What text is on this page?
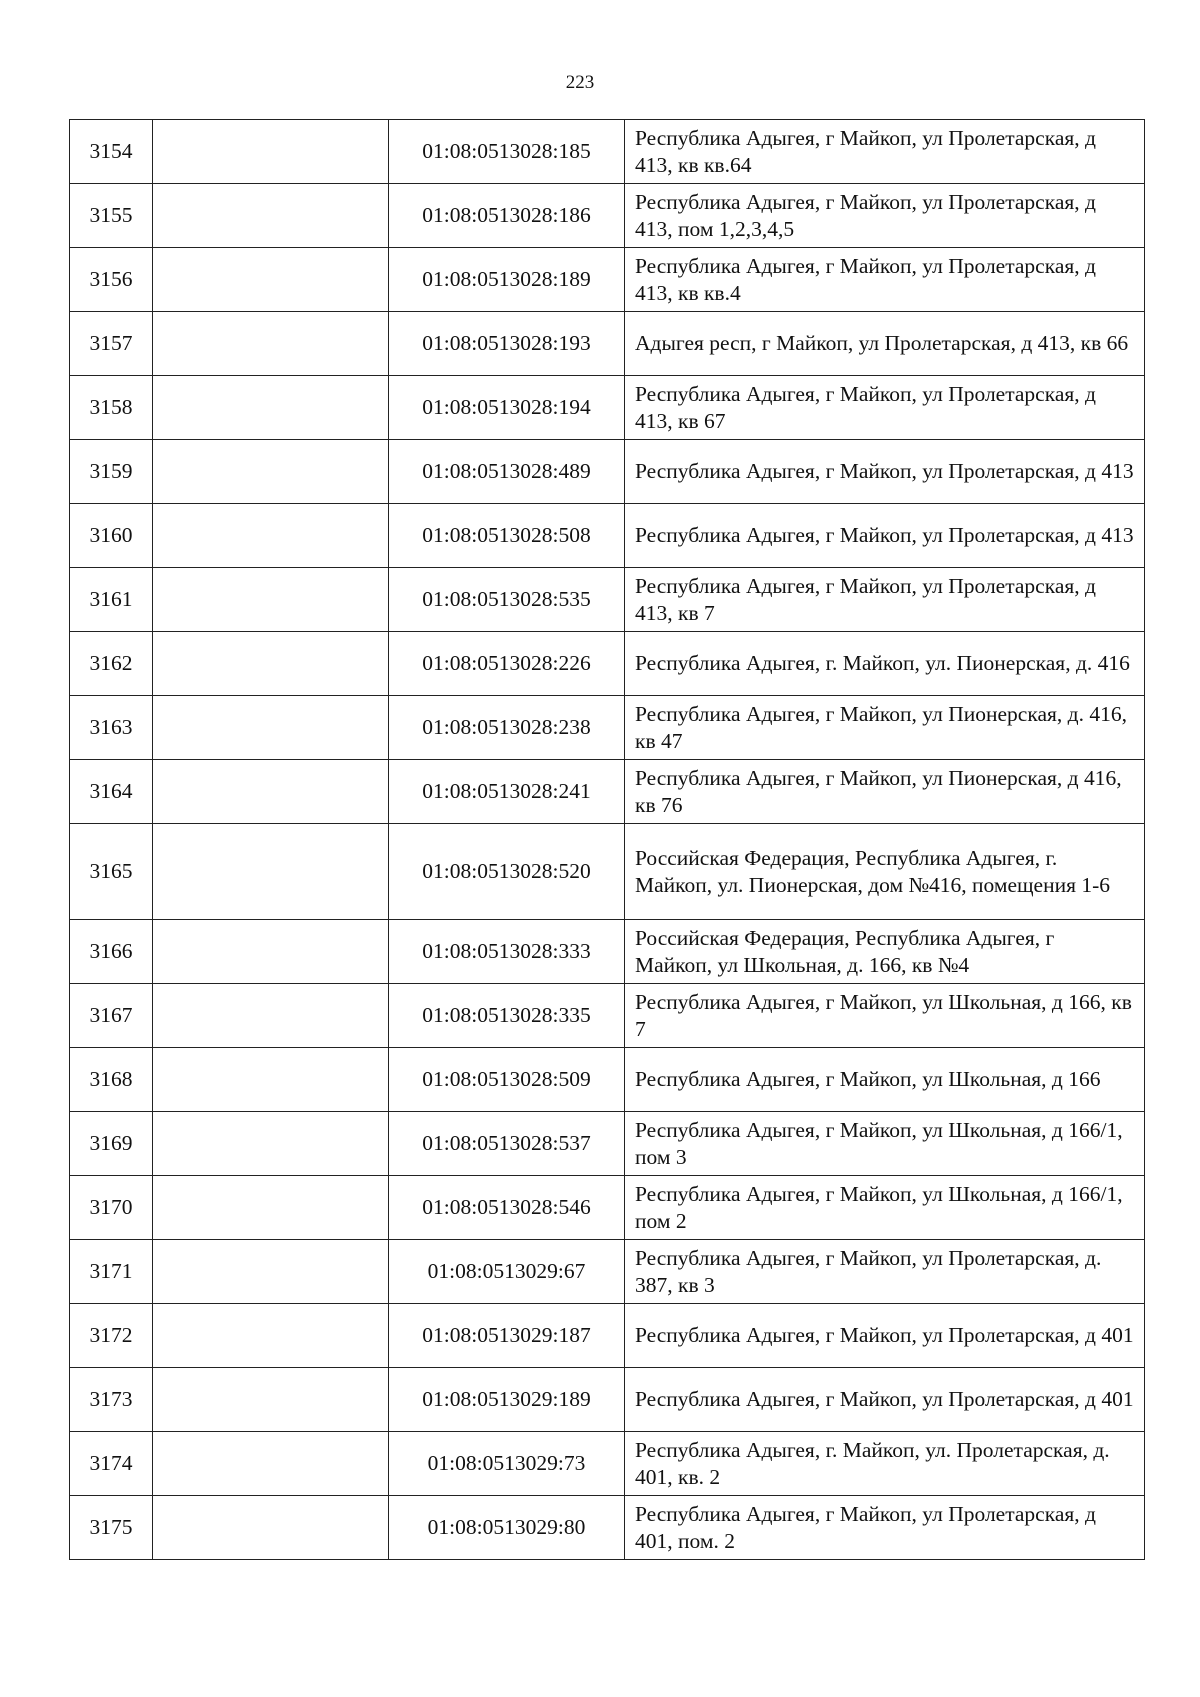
223
3154		01:08:0513028:185	Республика Адыгея, г Майкоп, ул Пролетарская, д 413, кв кв.64
3155		01:08:0513028:186	Республика Адыгея, г Майкоп, ул Пролетарская, д 413, пом 1,2,3,4,5
3156		01:08:0513028:189	Республика Адыгея, г Майкоп, ул Пролетарская, д 413, кв кв.4
3157		01:08:0513028:193	Адыгея респ, г Майкоп, ул Пролетарская, д 413, кв 66
3158		01:08:0513028:194	Республика Адыгея, г Майкоп, ул Пролетарская, д 413, кв 67
3159		01:08:0513028:489	Республика Адыгея, г Майкоп, ул Пролетарская, д 413
3160		01:08:0513028:508	Республика Адыгея, г Майкоп, ул Пролетарская, д 413
3161		01:08:0513028:535	Республика Адыгея, г Майкоп, ул Пролетарская, д 413, кв 7
3162		01:08:0513028:226	Республика Адыгея, г. Майкоп, ул. Пионерская, д. 416
3163		01:08:0513028:238	Республика Адыгея, г Майкоп, ул Пионерская, д. 416, кв 47
3164		01:08:0513028:241	Республика Адыгея, г Майкоп, ул Пионерская, д 416, кв 76
3165		01:08:0513028:520	Российская Федерация, Республика Адыгея, г. Майкоп, ул. Пионерская, дом №416, помещения 1-6
3166		01:08:0513028:333	Российская Федерация, Республика Адыгея, г Майкоп, ул Школьная, д. 166, кв №4
3167		01:08:0513028:335	Республика Адыгея, г Майкоп, ул Школьная, д 166, кв 7
3168		01:08:0513028:509	Республика Адыгея, г Майкоп, ул Школьная, д 166
3169		01:08:0513028:537	Республика Адыгея, г Майкоп, ул Школьная, д 166/1, пом 3
3170		01:08:0513028:546	Республика Адыгея, г Майкоп, ул Школьная, д 166/1, пом 2
3171		01:08:0513029:67	Республика Адыгея, г Майкоп, ул Пролетарская, д. 387, кв 3
3172		01:08:0513029:187	Республика Адыгея, г Майкоп, ул Пролетарская, д 401
3173		01:08:0513029:189	Республика Адыгея, г Майкоп, ул Пролетарская, д 401
3174		01:08:0513029:73	Республика Адыгея, г. Майкоп, ул. Пролетарская, д. 401, кв. 2
3175		01:08:0513029:80	Республика Адыгея, г Майкоп, ул Пролетарская, д 401, пом. 2
